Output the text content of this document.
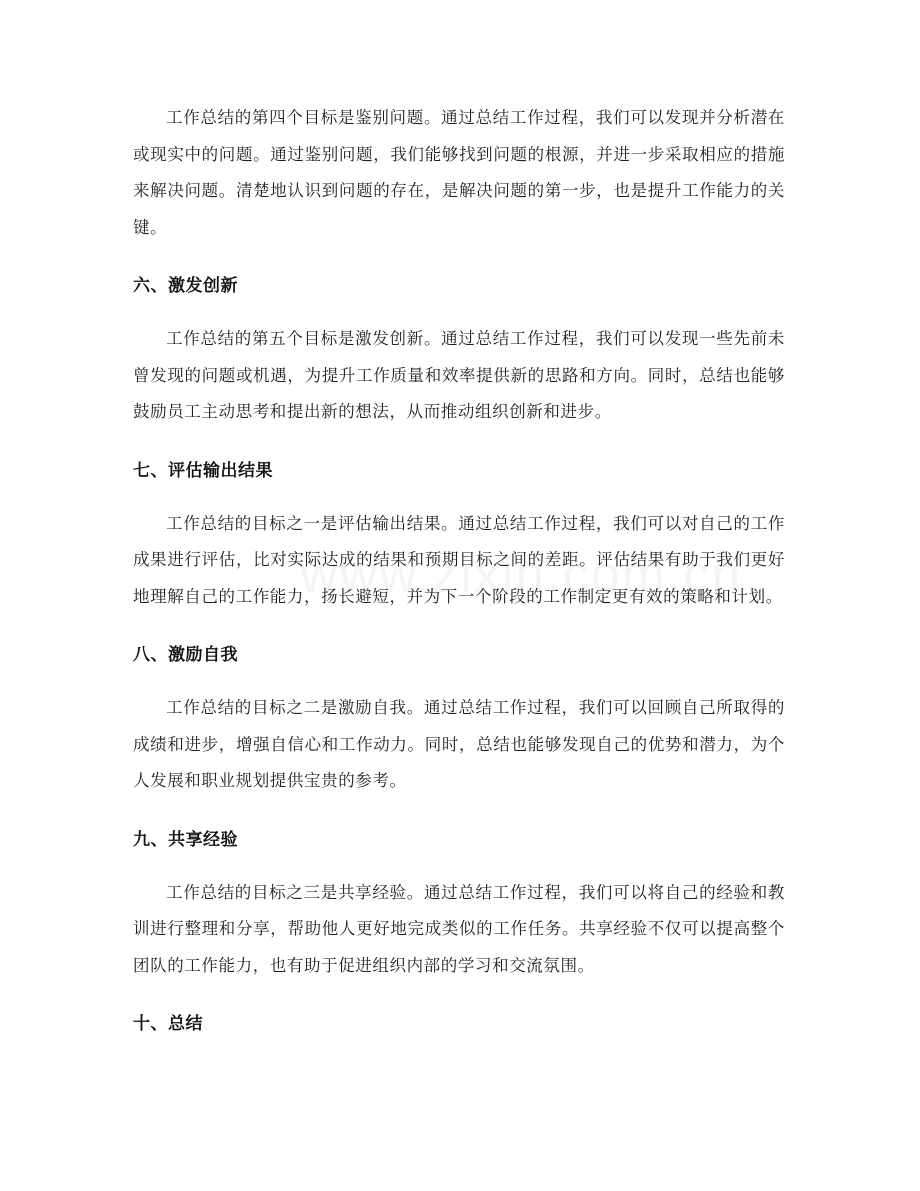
工作总结的第四个目标是鉴别问题。通过总结工作过程，我们可以发现并分析潜在或现实中的问题。通过鉴别问题，我们能够找到问题的根源，并进一步采取相应的措施来解决问题。清楚地认识到问题的存在，是解决问题的第一步，也是提升工作能力的关键。

六、激发创新

工作总结的第五个目标是激发创新。通过总结工作过程，我们可以发现一些先前未曾发现的问题或机遇，为提升工作质量和效率提供新的思路和方向。同时，总结也能够鼓励员工主动思考和提出新的想法，从而推动组织创新和进步。

七、评估输出结果

工作总结的目标之一是评估输出结果。通过总结工作过程，我们可以对自己的工作成果进行评估，比对实际达成的结果和预期目标之间的差距。评估结果有助于我们更好地理解自己的工作能力，扬长避短，并为下一个阶段的工作制定更有效的策略和计划。

八、激励自我

工作总结的目标之二是激励自我。通过总结工作过程，我们可以回顾自己所取得的成绩和进步，增强自信心和工作动力。同时，总结也能够发现自己的优势和潜力，为个人发展和职业规划提供宝贵的参考。

九、共享经验

工作总结的目标之三是共享经验。通过总结工作过程，我们可以将自己的经验和教训进行整理和分享，帮助他人更好地完成类似的工作任务。共享经验不仅可以提高整个团队的工作能力，也有助于促进组织内部的学习和交流氛围。

十、总结
